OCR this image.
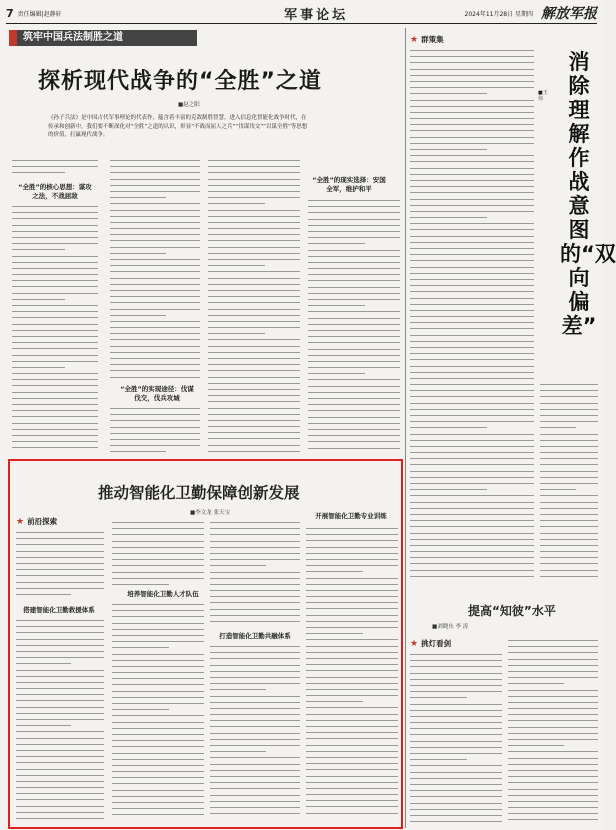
7 责任编辑|赵静轩	军事论坛	2024年11月28日 星期四 解放军报
筑牢中国兵法制胜之道
探析现代战争的“全胜”之道
■赵之阳
《孙子兵法》是中国古代军事理论的代表作，蕴含着丰富的克敌制胜智慧。进入信息化智能化战争时代，在传承和创新中，我们要不断深化对“全胜”之道的认识，彰显“不战而屈人之兵”“伐谋伐交”“以谋全胜”等思想的价值，打赢现代战争。
“全胜”的核心思想：谋攻之法，不战屈敌
“全胜”的实现途径：伐谋伐交，伐兵攻城
“全胜”的现实选择：安国全军，维护和平
★ 群策集
消除理解作战意图的“双向偏差”
■王伟
提高“知彼”水平
■刘晓东 李 涛
★ 挑灯看剑
推动智能化卫勤保障创新发展
■李文龙 张天宝
★ 前沿探索
搭建智能化卫勤救援体系
培养智能化卫勤人才队伍
打造智能化卫勤共融体系
开展智能化卫勤专业训练
